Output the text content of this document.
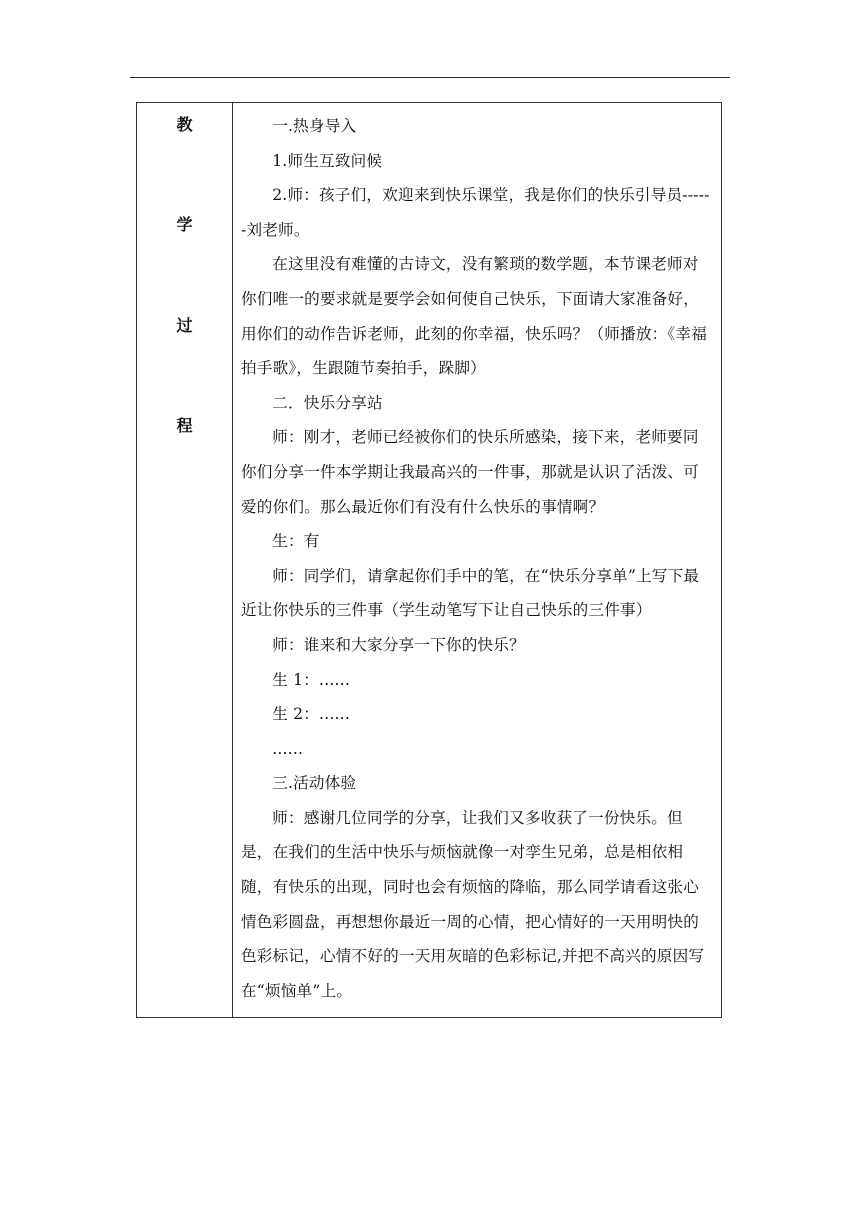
教
学
过
程

一.热身导入

1.师生互致问候

2.师：孩子们，欢迎来到快乐课堂，我是你们的快乐引导员------刘老师。

在这里没有难懂的古诗文，没有繁琐的数学题，本节课老师对你们唯一的要求就是要学会如何使自己快乐，下面请大家准备好，用你们的动作告诉老师，此刻的你幸福，快乐吗？（师播放：《幸福拍手歌》，生跟随节奏拍手，跺脚）

二．快乐分享站

师：刚才，老师已经被你们的快乐所感染，接下来，老师要同你们分享一件本学期让我最高兴的一件事，那就是认识了活泼、可爱的你们。那么最近你们有没有什么快乐的事情啊？

生：有

师：同学们，请拿起你们手中的笔，在“快乐分享单”上写下最近让你快乐的三件事（学生动笔写下让自己快乐的三件事）

师：谁来和大家分享一下你的快乐？

生 1：......

生 2：......

......

三.活动体验

师：感谢几位同学的分享，让我们又多收获了一份快乐。但是，在我们的生活中快乐与烦恼就像一对孪生兄弟，总是相依相随，有快乐的出现，同时也会有烦恼的降临，那么同学请看这张心情色彩圆盘，再想想你最近一周的心情，把心情好的一天用明快的色彩标记，心情不好的一天用灰暗的色彩标记,并把不高兴的原因写在“烦恼单”上。
